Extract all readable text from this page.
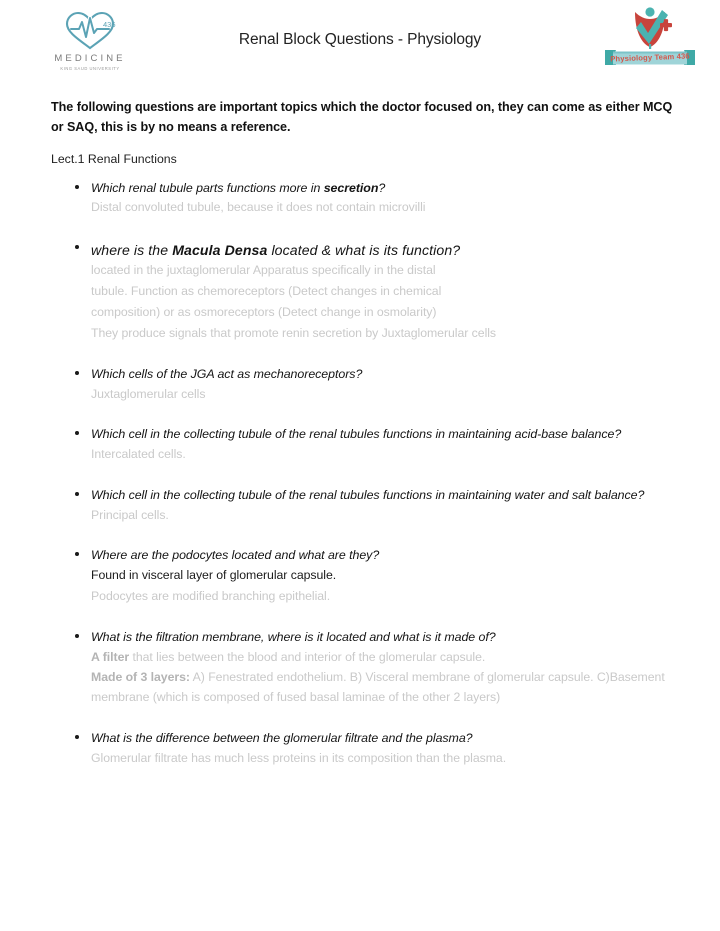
436
MEDICINE
KING SAUD UNIVERSITY
Renal Block Questions - Physiology
Physiology Team 436

The following questions are important topics which the doctor focused on, they can come as either MCQ or SAQ, this is by no means a reference.

Lect.1 Renal Functions

Which renal tubule parts functions more in secretion?
Distal convoluted tubule, because it does not contain microvilli
where is the Macula Densa located & what is its function?
located in the juxtaglomerular Apparatus specifically in the distal
tubule. Function as chemoreceptors (Detect changes in chemical
composition) or as osmoreceptors (Detect change in osmolarity)
They produce signals that promote renin secretion by Juxtaglomerular cells
Which cells of the JGA act as mechanoreceptors?
Juxtaglomerular cells
Which cell in the collecting tubule of the renal tubules functions in maintaining acid-base balance?
Intercalated cells.
Which cell in the collecting tubule of the renal tubules functions in maintaining water and salt balance?
Principal cells.
Where are the podocytes located and what are they?
Found in visceral layer of glomerular capsule.
Podocytes are modified branching epithelial.
What is the filtration membrane, where is it located and what is it made of?
A filter that lies between the blood and interior of the glomerular capsule.
Made of 3 layers: A) Fenestrated endothelium. B) Visceral membrane of glomerular capsule. C)Basement membrane (which is composed of fused basal laminae of the other 2 layers)
What is the difference between the glomerular filtrate and the plasma?
Glomerular filtrate has much less proteins in its composition than the plasma.
